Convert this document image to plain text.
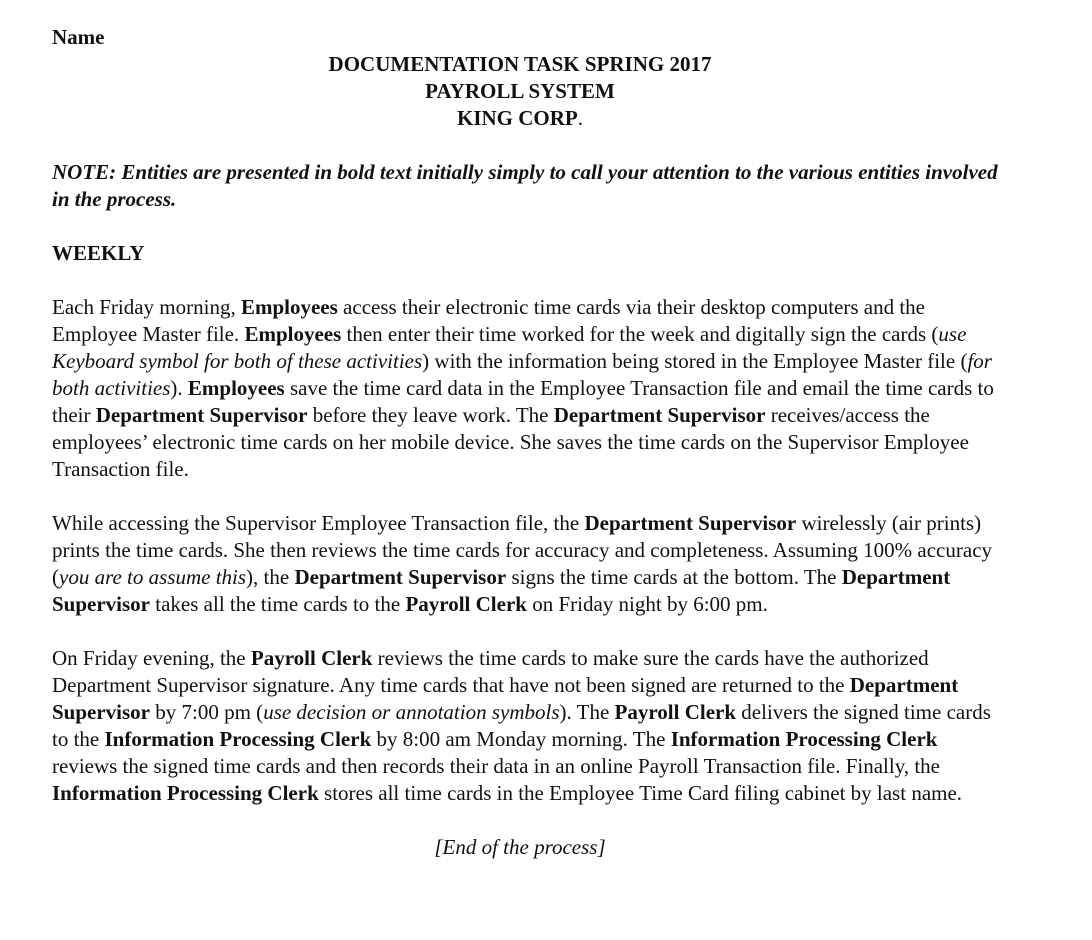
Name
DOCUMENTATION TASK SPRING 2017
PAYROLL SYSTEM
KING CORP.

NOTE: Entities are presented in bold text initially simply to call your attention to the various entities involved in the process.

WEEKLY

Each Friday morning, Employees access their electronic time cards via their desktop computers and the Employee Master file. Employees then enter their time worked for the week and digitally sign the cards (use Keyboard symbol for both of these activities) with the information being stored in the Employee Master file (for both activities). Employees save the time card data in the Employee Transaction file and email the time cards to their Department Supervisor before they leave work. The Department Supervisor receives/access the employees’ electronic time cards on her mobile device. She saves the time cards on the Supervisor Employee Transaction file.

While accessing the Supervisor Employee Transaction file, the Department Supervisor wirelessly (air prints) prints the time cards. She then reviews the time cards for accuracy and completeness. Assuming 100% accuracy (you are to assume this), the Department Supervisor signs the time cards at the bottom. The Department Supervisor takes all the time cards to the Payroll Clerk on Friday night by 6:00 pm.

On Friday evening, the Payroll Clerk reviews the time cards to make sure the cards have the authorized Department Supervisor signature. Any time cards that have not been signed are returned to the Department Supervisor by 7:00 pm (use decision or annotation symbols). The Payroll Clerk delivers the signed time cards to the Information Processing Clerk by 8:00 am Monday morning. The Information Processing Clerk reviews the signed time cards and then records their data in an online Payroll Transaction file. Finally, the Information Processing Clerk stores all time cards in the Employee Time Card filing cabinet by last name.

[End of the process]
